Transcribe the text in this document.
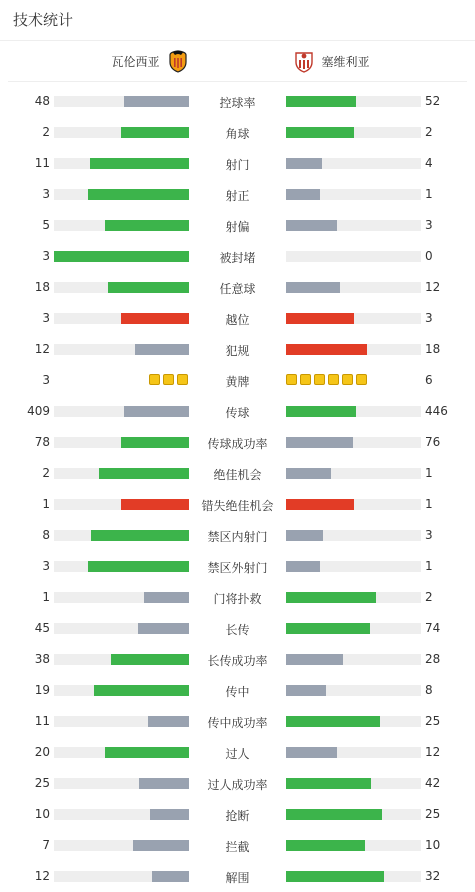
技术统计
瓦伦西亚	塞维利亚
48	控球率	52
2	角球	2
11	射门	4
3	射正	1
5	射偏	3
3	被封堵	0
18	任意球	12
3	越位	3
12	犯规	18
3	黄牌	6
409	传球	446
78	传球成功率	76
2	绝佳机会	1
1	错失绝佳机会	1
8	禁区内射门	3
3	禁区外射门	1
1	门将扑救	2
45	长传	74
38	长传成功率	28
19	传中	8
11	传中成功率	25
20	过人	12
25	过人成功率	42
10	抢断	25
7	拦截	10
12	解围	32
